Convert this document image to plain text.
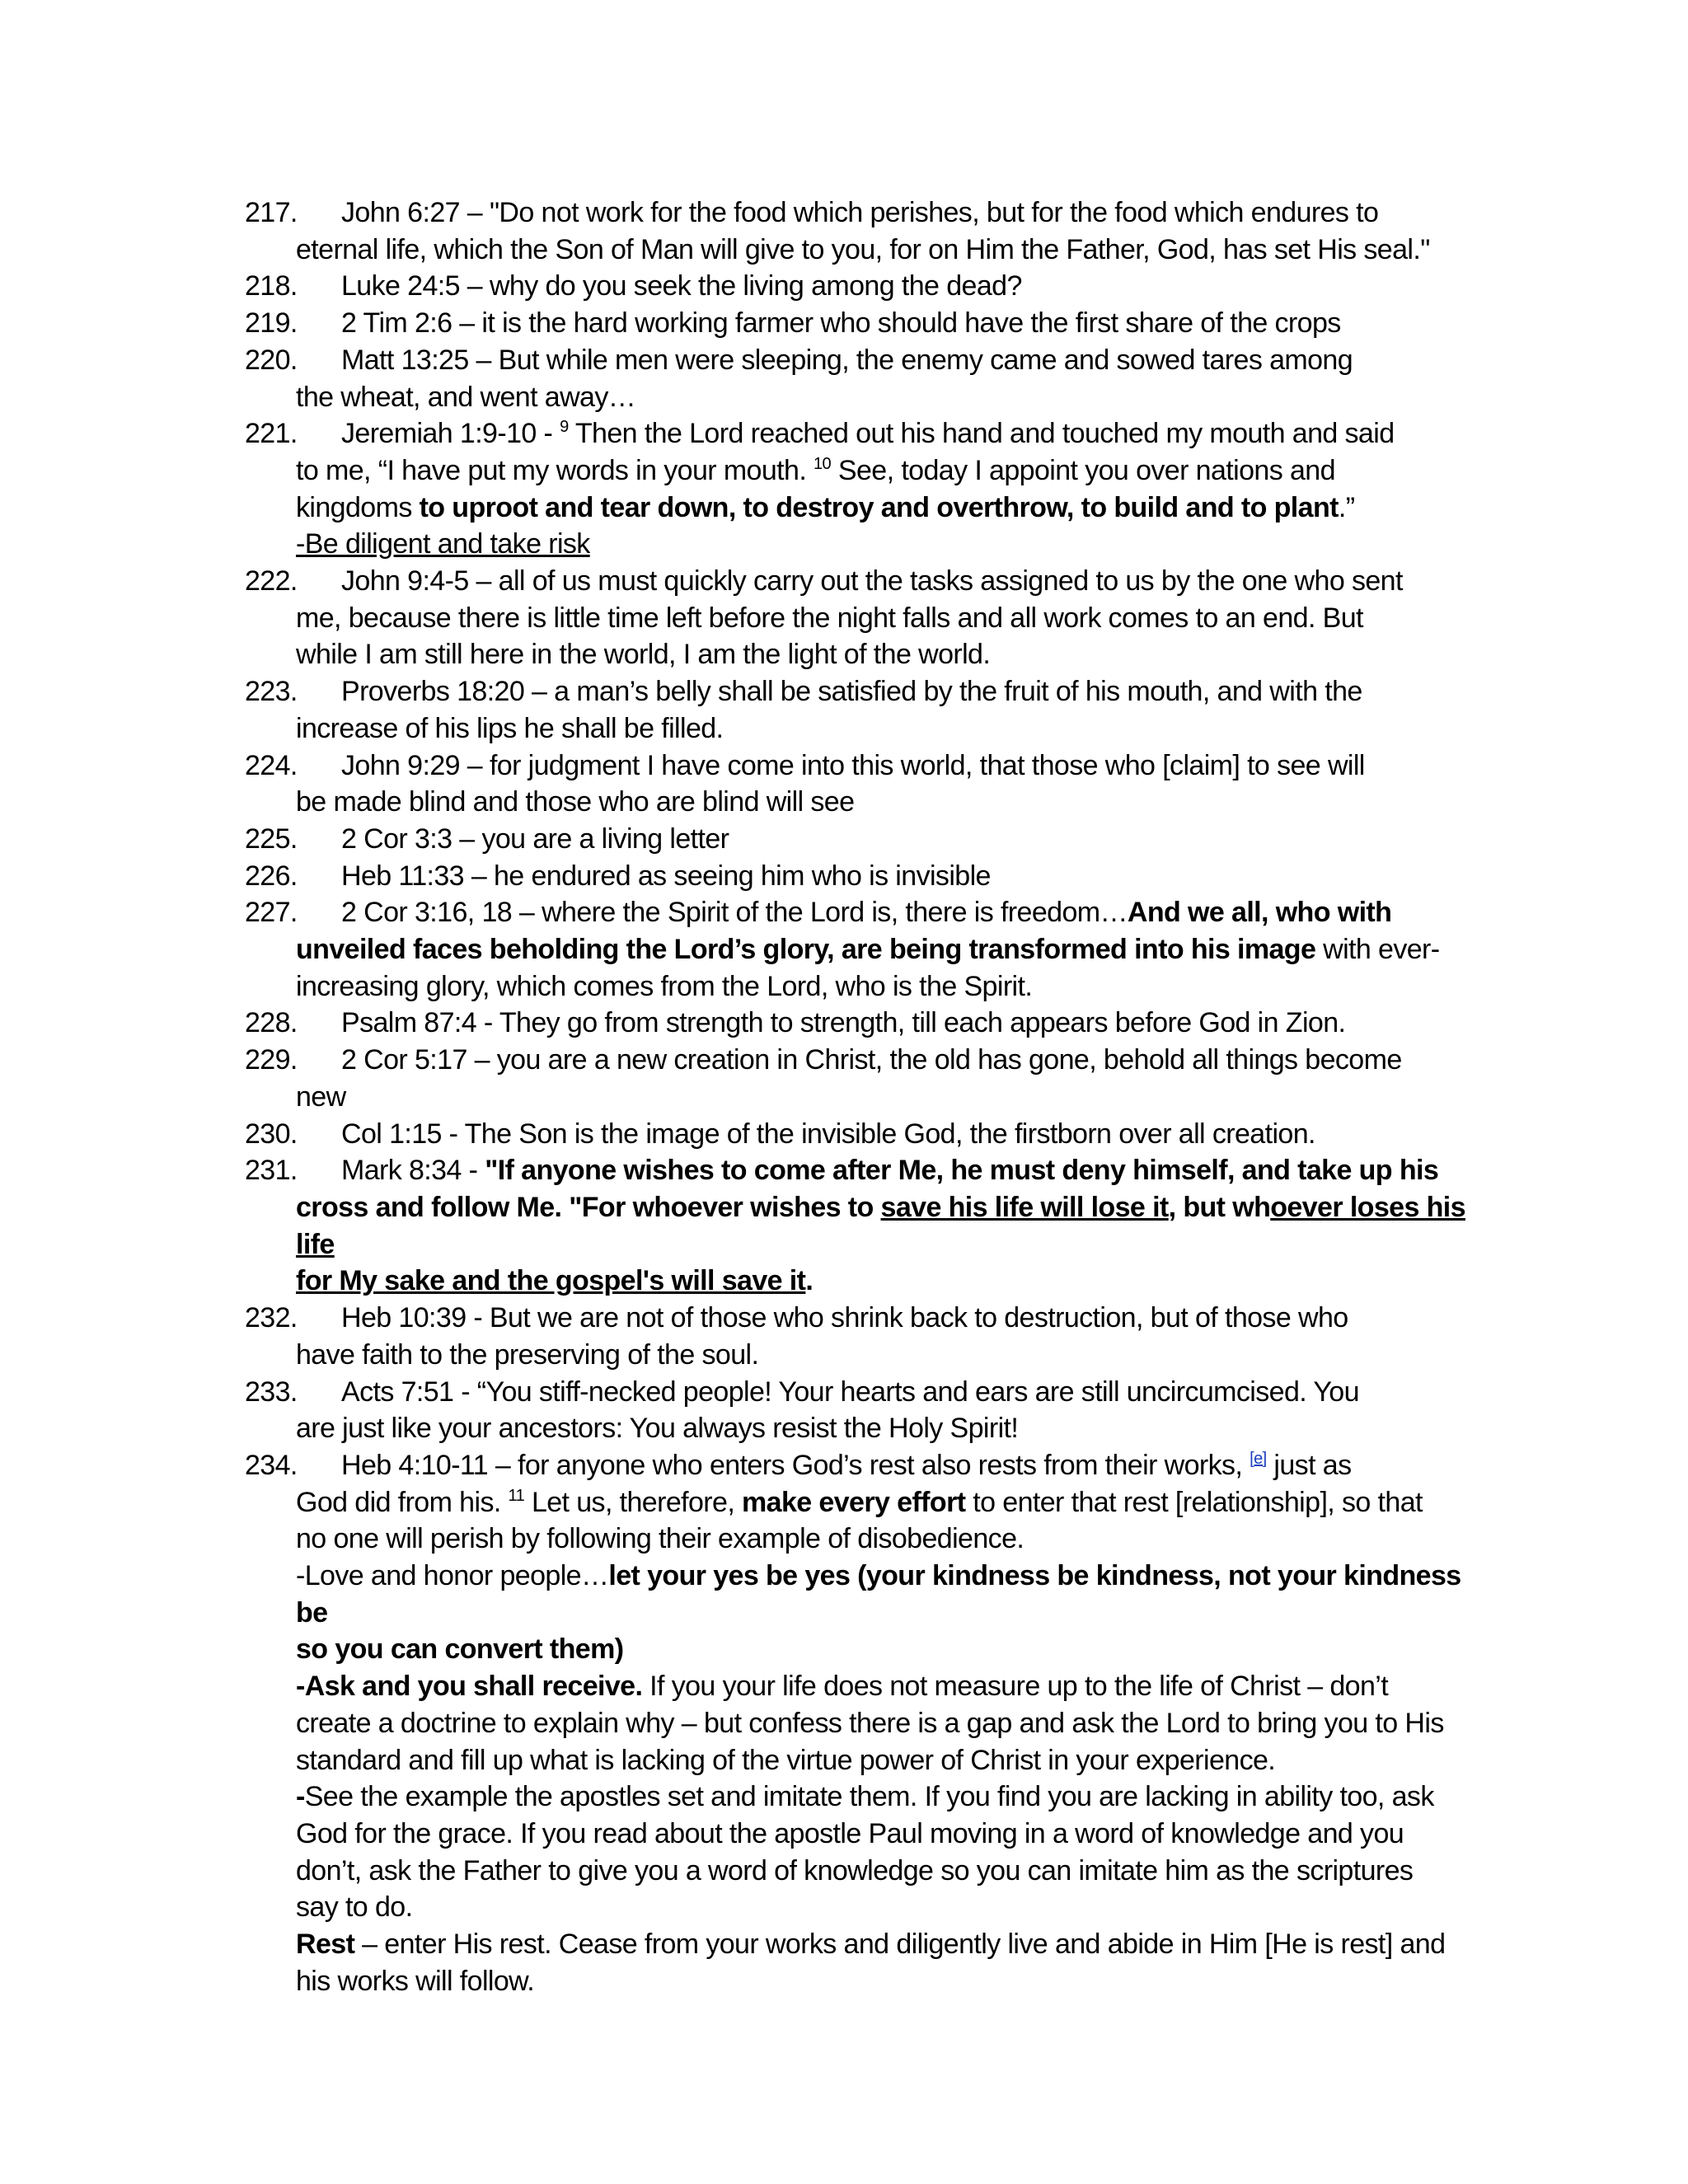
217.	John 6:27 – "Do not work for the food which perishes, but for the food which endures to
eternal life, which the Son of Man will give to you, for on Him the Father, God, has set His seal."
218.	Luke 24:5 – why do you seek the living among the dead?
219.	2 Tim 2:6 – it is the hard working farmer who should have the first share of the crops
220.	Matt 13:25 – But while men were sleeping, the enemy came and sowed tares among
the wheat, and went away…
221.	Jeremiah 1:9-10 - $^9$ Then the Lord reached out his hand and touched my mouth and said
to me, “I have put my words in your mouth. $^{10}$ See, today I appoint you over nations and
kingdoms to uproot and tear down, to destroy and overthrow, to build and to plant.”
-Be diligent and take risk
222.	John 9:4-5 – all of us must quickly carry out the tasks assigned to us by the one who sent
me, because there is little time left before the night falls and all work comes to an end. But
while I am still here in the world, I am the light of the world.
223.	Proverbs 18:20 – a man’s belly shall be satisfied by the fruit of his mouth, and with the
increase of his lips he shall be filled.
224.	John 9:29 – for judgment I have come into this world, that those who [claim] to see will
be made blind and those who are blind will see
225.	2 Cor 3:3 – you are a living letter
226.	Heb 11:33 – he endured as seeing him who is invisible
227.	2 Cor 3:16, 18 – where the Spirit of the Lord is, there is freedom…And we all, who with
unveiled faces beholding the Lord’s glory, are being transformed into his image with ever-
increasing glory, which comes from the Lord, who is the Spirit.
228.	Psalm 87:4 - They go from strength to strength, till each appears before God in Zion.
229.	2 Cor 5:17 – you are a new creation in Christ, the old has gone, behold all things become
new
230.	Col 1:15 - The Son is the image of the invisible God, the firstborn over all creation.
231.	Mark 8:34 - "If anyone wishes to come after Me, he must deny himself, and take up his
cross and follow Me. "For whoever wishes to save his life will lose it, but whoever loses his life
for My sake and the gospel's will save it.
232.	Heb 10:39 - But we are not of those who shrink back to destruction, but of those who
have faith to the preserving of the soul.
233.	Acts 7:51 - “You stiff-necked people! Your hearts and ears are still uncircumcised. You
are just like your ancestors: You always resist the Holy Spirit!
234.	Heb 4:10-11 – for anyone who enters God’s rest also rests from their works, [e] just as
God did from his. $^{11}$ Let us, therefore, make every effort to enter that rest [relationship], so that
no one will perish by following their example of disobedience.
-Love and honor people…let your yes be yes (your kindness be kindness, not your kindness be
so you can convert them)
-Ask and you shall receive. If you your life does not measure up to the life of Christ – don’t
create a doctrine to explain why – but confess there is a gap and ask the Lord to bring you to His
standard and fill up what is lacking of the virtue power of Christ in your experience.
-See the example the apostles set and imitate them. If you find you are lacking in ability too, ask
God for the grace. If you read about the apostle Paul moving in a word of knowledge and you
don’t, ask the Father to give you a word of knowledge so you can imitate him as the scriptures
say to do.
Rest – enter His rest. Cease from your works and diligently live and abide in Him [He is rest] and
his works will follow.
